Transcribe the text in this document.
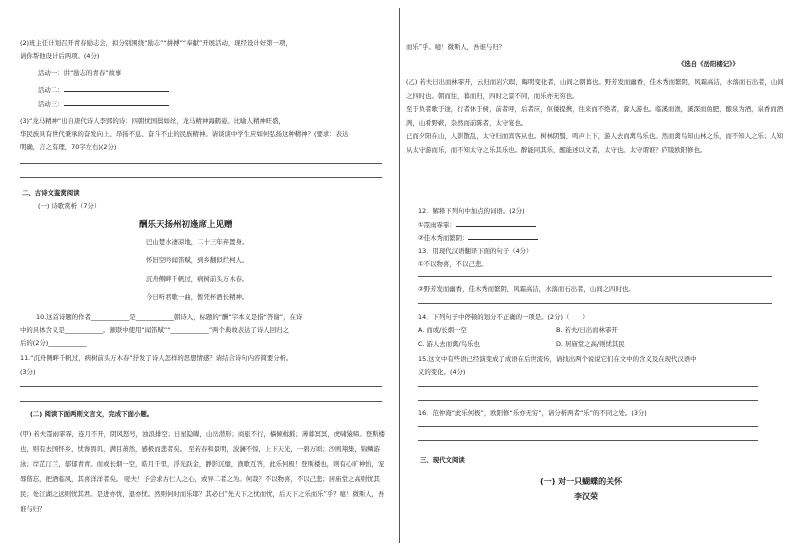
(2)班主任计划召开青春励志会，拟分别围绕“励志”“拼搏”“奉献”开展活动，现经设计好第一项，
请你帮他设计后两项。(4分)
活动一：讲“励志的青春”故事
活动二：
活动三：
(3)“龙马精神”出自唐代诗人李郢的诗：四朝忧国鬓如丝，龙马精神海鹤姿。比喻人精神旺盛，
华民族具有世代秉承的奋发向上、昂扬不息、奋斗不止的民族精神。请谈谈中学生应如何弘扬这种精神？(要求：表达
明确，言之有理，70字左右)(2分)
二、古诗文鉴赏阅读
(一) 诗歌赏析（7分）
酬乐天扬州初逢席上见赠
巴山楚水凄凉地，二十三年弃置身。
怀旧空吟闻笛赋，到乡翻似烂柯人。
沉舟侧畔千帆过，病树前头万木春。
今日听君歌一曲，暂凭杯酒长精神。
10.这首诗题的作者____________是____________朝诗人，标题的“酬”字本义是指“答谢”，在诗
中的具体含义是____________。颔联中使用“闻笛赋”“____________”两个典故表达了诗人回归之
后的(2分)____________
11.“沉舟侧畔千帆过，病树前头万木春”抒发了诗人怎样的思想情感？请结合诗句内容简要分析。
(3分)
(二) 阅读下面两则文言文，完成下面小题。
(甲) 若夫霪雨霏霏，连月不开，阴风怒号，浊浪排空；日星隐曜，山岳潜形；商旅不行，樯倾楫摧；薄暮冥冥，虎啸猿啼。登斯楼也，则有去国怀乡，忧谗畏讥，满目萧然，感极而悲者矣。 至若春和景明，波澜不惊，上下天光，一碧万顷；沙鸥翔集，锦鳞游泳；岸芷汀兰，郁郁青青。而或长烟一空，皓月千里，浮光跃金，静影沉璧，渔歌互答，此乐何极！登斯楼也，则有心旷神怡，宠辱偕忘，把酒临风，其喜洋洋者矣。 嗟夫！予尝求古仁人之心，或异二者之为。何哉？不以物喜，不以己悲；居庙堂之高则忧其民；处江湖之远则忧其君。是进亦忧，退亦忧。然则何时而乐耶？其必曰“先天下之忧而忧，后天下之乐而乐”乎？噫！微斯人，吾谁与归？
而乐”乎。噫！微斯人，吾谁与归？
《选自《岳阳楼记》》
(乙) 若夫日出而林霏开，云归而岩穴暝，晦明变化者，山间之朝暮也。野芳发而幽香，佳木秀而繁阴，风霜高洁，水落而石出者，山间之四时也。朝而往，暮而归，四时之景不同，而乐亦无穷也。
至于负者歌于途，行者休于树，前者呼，后者应，伛偻提携，往来而不绝者，滁人游也。临溪而渔，溪深而鱼肥，酿泉为酒，泉香而酒洌，山肴野蔌，杂然而前陈者，太守宴也。
已而夕阳在山，人影散乱，太守归而宾客从也。树林阴翳，鸣声上下，游人去而禽鸟乐也。然而禽鸟知山林之乐，而不知人之乐；人知从太守游而乐，而不知太守之乐其乐也。醉能同其乐，醒能述以文者，太守也。太守谓谁？庐陵欧阳修也。
12．解释下列句中加点的词语。(2分)
①霪雨霏霏：
②佳木秀而繁阴：
13．用现代汉语翻译下面的句子（4分）
①不以物喜，不以己悲。
②野芳发而幽香，佳木秀而繁阴，风霜高洁，水落而石出者，山间之四时也。
14．下列句子中停顿的划分不正确的一项是。(2分)（　　）
A. 而或/长烟一空	B. 若夫/日出而林霏开
C. 游人去而禽/鸟乐也	D. 居庙堂之高/则忧其民
15.这文中有些语已经演变成了成语在后世流传，请找出两个说说它们在文中的含义及在现代汉语中
义的变化。(4分)
16．范仲淹“此乐何极”，欧阳修“乐亦无穷”，请分析两者“乐”的不同之处。(3分)
三、现代文阅读
(一) 对一只蝴蝶的关怀
李汉荣
